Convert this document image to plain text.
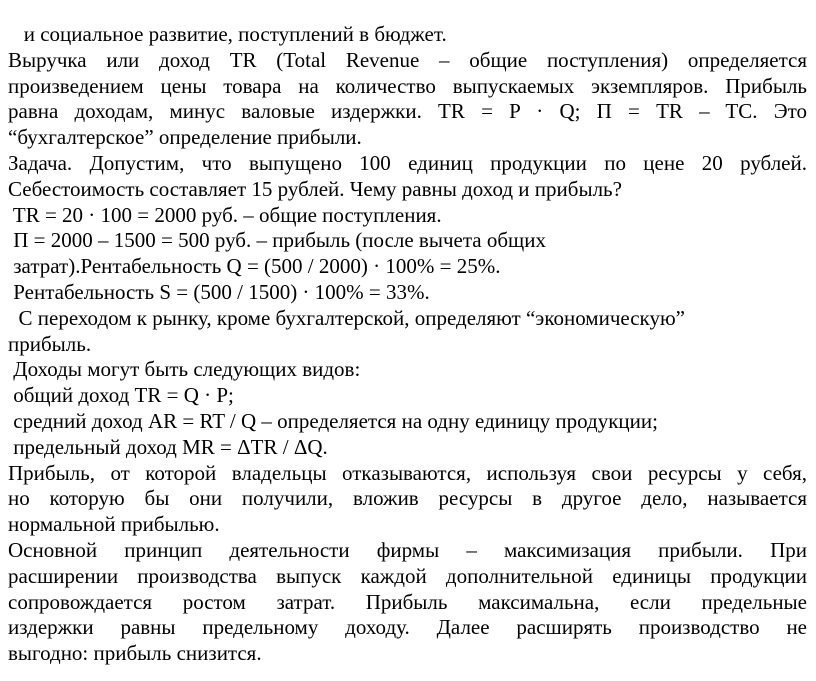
и социальное развитие, поступлений в бюджет.
Выручка или доход TR (Total Revenue – общие поступления) определяется
произведением цены товара на количество выпускаемых экземпляров. Прибыль
равна доходам, минус валовые издержки. TR = P · Q; П = TR – TC. Это
“бухгалтерское” определение прибыли.
Задача. Допустим, что выпущено 100 единиц продукции по цене 20 рублей.
Себестоимость составляет 15 рублей. Чему равны доход и прибыль?
TR = 20 · 100 = 2000 руб. – общие поступления.
П = 2000 – 1500 = 500 руб. – прибыль (после вычета общих
затрат).Рентабельность Q = (500 / 2000) · 100% = 25%.
Рентабельность S = (500 / 1500) · 100% = 33%.
С переходом к рынку, кроме бухгалтерской, определяют “экономическую”
прибыль.
Доходы могут быть следующих видов:
общий доход TR = Q · P;
средний доход AR = RT / Q – определяется на одну единицу продукции;
предельный доход MR = ΔTR / ΔQ.
Прибыль, от которой владельцы отказываются, используя свои ресурсы у себя,
но которую бы они получили, вложив ресурсы в другое дело, называется
нормальной прибылью.
Основной принцип деятельности фирмы – максимизация прибыли. При
расширении производства выпуск каждой дополнительной единицы продукции
сопровождается ростом затрат. Прибыль максимальна, если предельные
издержки равны предельному доходу. Далее расширять производство не
выгодно: прибыль снизится.
